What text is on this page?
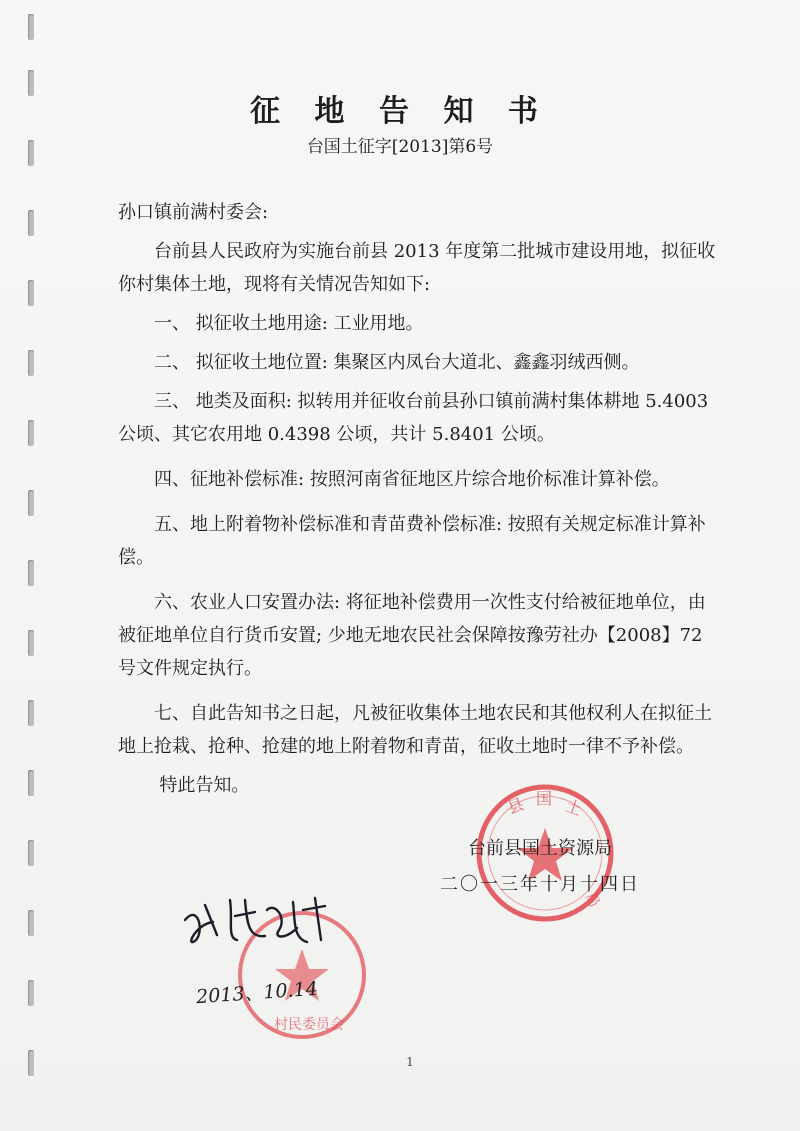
征 地 告 知 书
台国土征字[2013]第6号

孙口镇前满村委会:

台前县人民政府为实施台前县 2013 年度第二批城市建设用地，拟征收你村集体土地，现将有关情况告知如下:

一、 拟征收土地用途: 工业用地。

二、 拟征收土地位置: 集聚区内凤台大道北、鑫鑫羽绒西侧。

三、 地类及面积: 拟转用并征收台前县孙口镇前满村集体耕地 5.4003 公顷、其它农用地 0.4398 公顷，共计 5.8401 公顷。

四、征地补偿标准: 按照河南省征地区片综合地价标准计算补偿。

五、地上附着物补偿标准和青苗费补偿标准: 按照有关规定标准计算补偿。

六、农业人口安置办法: 将征地补偿费用一次性支付给被征地单位，由被征地单位自行货币安置; 少地无地农民社会保障按豫劳社办【2008】72 号文件规定执行。

七、自此告知书之日起，凡被征收集体土地农民和其他权利人在拟征土地上抢栽、抢种、抢建的地上附着物和青苗，征收土地时一律不予补偿。

特此告知。

县 国 土
局
台前县国土资源局
二〇一三年十月十四日
村民委员会
2013、10.14
1
